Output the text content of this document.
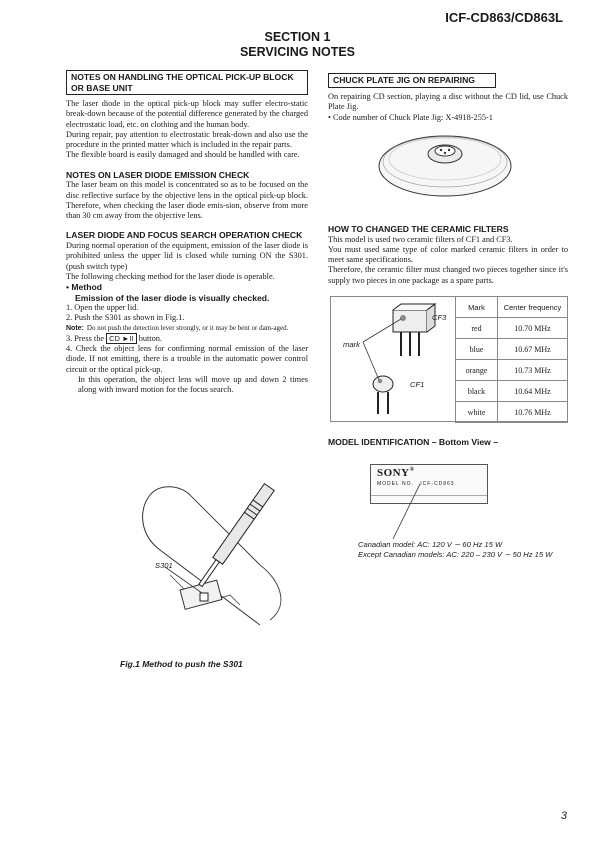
ICF-CD863/CD863L
SECTION 1
SERVICING NOTES
NOTES ON HANDLING THE OPTICAL PICK-UP BLOCK OR BASE UNIT

The laser diode in the optical pick-up block may suffer electro-static break-down because of the potential difference generated by the charged electrostatic load, etc. on clothing and the human body.

During repair, pay attention to electrostatic break-down and also use the procedure in the printed matter which is included in the repair parts.

The flexible board is easily damaged and should be handled with care.

NOTES ON LASER DIODE EMISSION CHECK

The laser beam on this model is concentrated so as to be focused on the disc reflective surface by the objective lens in the optical pick-up block. Therefore, when checking the laser diode emis-sion, observe from more than 30 cm away from the objective lens.

LASER DIODE AND FOCUS SEARCH OPERATION CHECK

During normal operation of the equipment, emission of the laser diode is prohibited unless the upper lid is closed while turning ON the S301. (push switch type)

The following checking method for the laser diode is operable.

• Method
Emission of the laser diode is visually checked.
1. Open the upper lid.
2. Push the S301 as shown in Fig.1.
Note: Do not push the detection lever strongly, or it may be bent or dam-aged.
3. Press the CD ►II button.
4. Check the object lens for confirming normal emission of the laser diode. If not emitting, there is a trouble in the automatic power control circuit or the optical pick-up.
In this operation, the object lens will move up and down 2 times along with inward motion for the focus search.
S301
Fig.1 Method to push the S301
CHUCK PLATE JIG ON REPAIRING

On repairing CD section, playing a disc without the CD lid, use Chuck Plate Jig.

• Code number of Chuck Plate Jig: X-4918-255-1

HOW TO CHANGED THE CERAMIC FILTERS

This model is used two ceramic filters of CF1 and CF3.

You must used same type of color marked ceramic filters in order to meet same specifications.

Therefore, the ceramic filter must changed two pieces together since it's supply two pieces in one package as a spare parts.

CF3
CF1
mark
Mark	Center frequency
red	10.70 MHz
blue	10.67 MHz
orange	10.73 MHz
black	10.64 MHz
white	10.76 MHz
MODEL IDENTIFICATION – Bottom View –
SONY®
MODEL NO. ICF-CD863
Canadian model: AC: 120 V ∼ 60 Hz 15 W
Except Canadian models: AC: 220 – 230 V ∼ 50 Hz 15 W
3
